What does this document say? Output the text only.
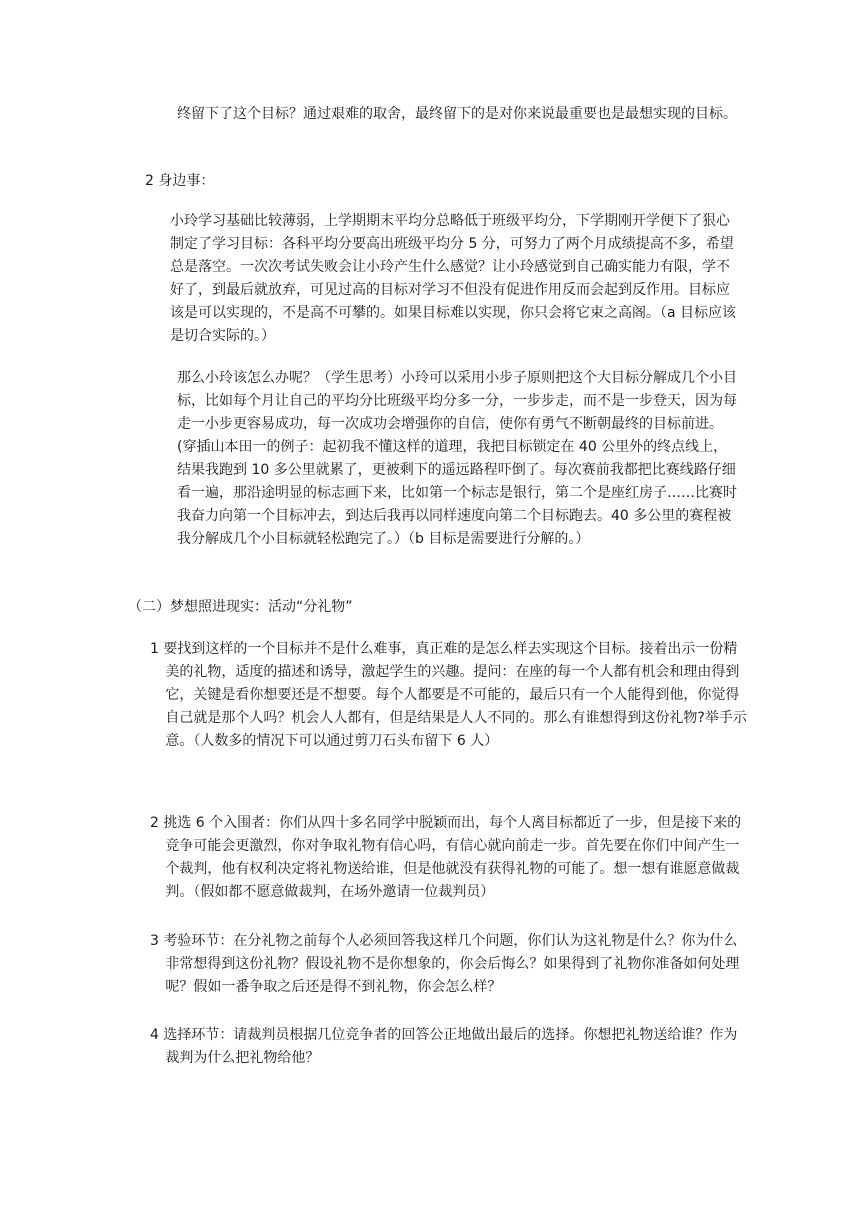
终留下了这个目标？通过艰难的取舍，最终留下的是对你来说最重要也是最想实现的目标。

2 身边事：

小玲学习基础比较薄弱，上学期期末平均分总略低于班级平均分，下学期刚开学便下了狠心制定了学习目标：各科平均分要高出班级平均分 5 分，可努力了两个月成绩提高不多，希望总是落空。一次次考试失败会让小玲产生什么感觉？让小玲感觉到自己确实能力有限，学不好了，到最后就放弃，可见过高的目标对学习不但没有促进作用反而会起到反作用。目标应该是可以实现的，不是高不可攀的。如果目标难以实现，你只会将它束之高阁。（a 目标应该是切合实际的。）

那么小玲该怎么办呢？（学生思考）小玲可以采用小步子原则把这个大目标分解成几个小目标，比如每个月让自己的平均分比班级平均分多一分，一步步走，而不是一步登天，因为每走一小步更容易成功，每一次成功会增强你的自信，使你有勇气不断朝最终的目标前进。(穿插山本田一的例子：起初我不懂这样的道理，我把目标锁定在 40 公里外的终点线上，结果我跑到 10 多公里就累了，更被剩下的遥远路程吓倒了。每次赛前我都把比赛线路仔细看一遍，那沿途明显的标志画下来，比如第一个标志是银行，第二个是座红房子……比赛时我奋力向第一个目标冲去，到达后我再以同样速度向第二个目标跑去。40 多公里的赛程被我分解成几个小目标就轻松跑完了。）（b 目标是需要进行分解的。）

（二）梦想照进现实：活动“分礼物”

1 要找到这样的一个目标并不是什么难事，真正难的是怎么样去实现这个目标。接着出示一份精美的礼物，适度的描述和诱导，激起学生的兴趣。提问：在座的每一个人都有机会和理由得到它，关键是看你想要还是不想要。每个人都要是不可能的，最后只有一个人能得到他，你觉得自己就是那个人吗？机会人人都有，但是结果是人人不同的。那么有谁想得到这份礼物?举手示意。（人数多的情况下可以通过剪刀石头布留下 6 人）

2 挑选 6 个入围者：你们从四十多名同学中脱颖而出，每个人离目标都近了一步，但是接下来的竞争可能会更激烈，你对争取礼物有信心吗，有信心就向前走一步。首先要在你们中间产生一个裁判，他有权利决定将礼物送给谁，但是他就没有获得礼物的可能了。想一想有谁愿意做裁判。（假如都不愿意做裁判，在场外邀请一位裁判员）

3 考验环节：在分礼物之前每个人必须回答我这样几个问题，你们认为这礼物是什么？你为什么非常想得到这份礼物？假设礼物不是你想象的，你会后悔么？如果得到了礼物你准备如何处理呢？假如一番争取之后还是得不到礼物，你会怎么样？

4 选择环节：请裁判员根据几位竞争者的回答公正地做出最后的选择。你想把礼物送给谁？作为裁判为什么把礼物给他？
